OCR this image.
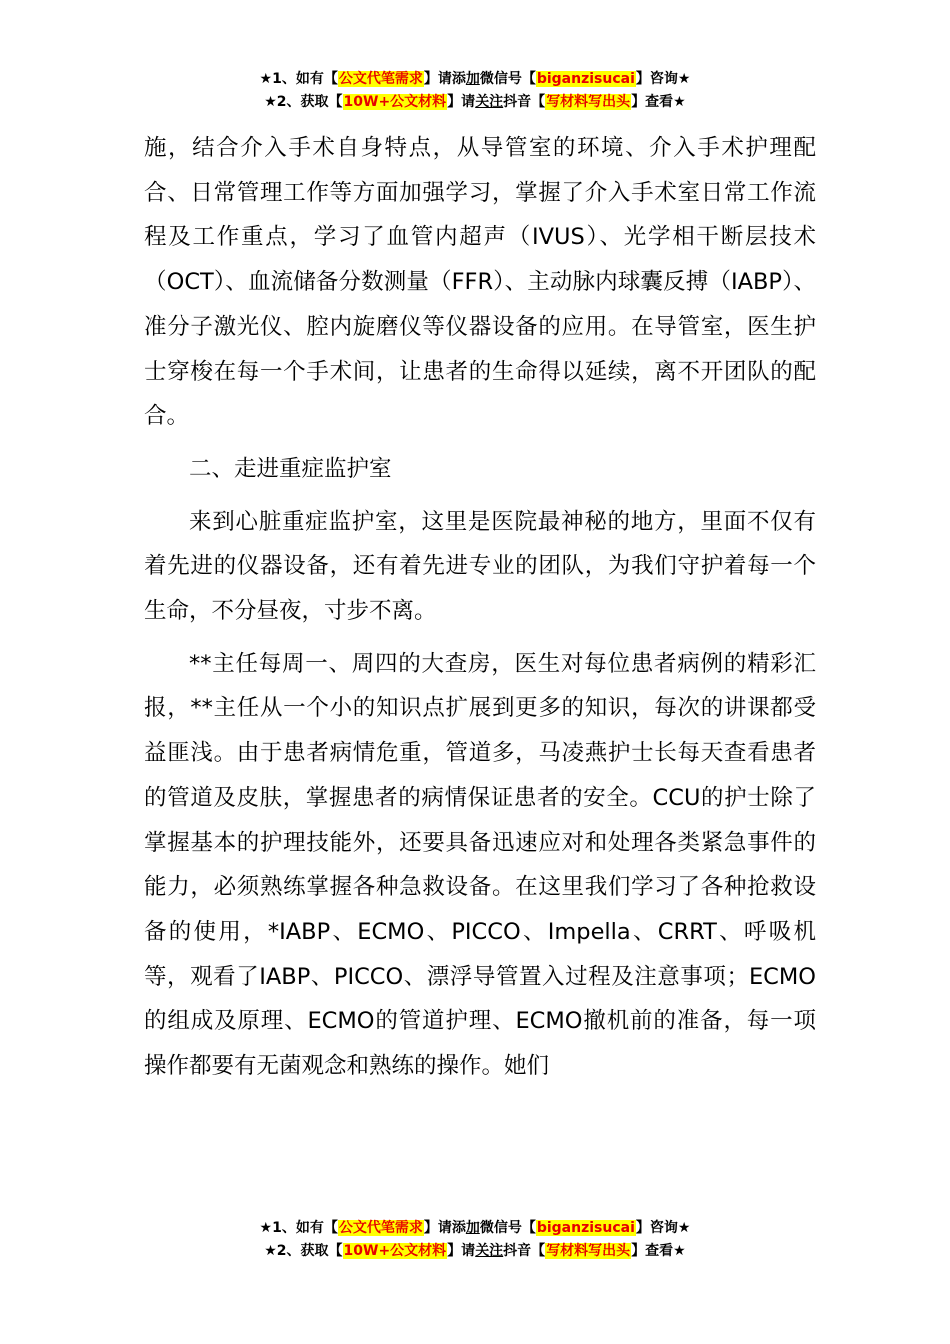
★1、如有【公文代笔需求】请添加微信号【biganzisucai】咨询★
★2、获取【10W+公文材料】请关注抖音【写材料写出头】查看★

施，结合介入手术自身特点，从导管室的环境、介入手术护理配合、日常管理工作等方面加强学习，掌握了介入手术室日常工作流程及工作重点，学习了血管内超声（IVUS）、光学相干断层技术（OCT）、血流储备分数测量（FFR）、主动脉内球囊反搏（IABP）、准分子激光仪、腔内旋磨仪等仪器设备的应用。在导管室，医生护士穿梭在每一个手术间，让患者的生命得以延续，离不开团队的配合。

二、走进重症监护室

来到心脏重症监护室，这里是医院最神秘的地方，里面不仅有着先进的仪器设备，还有着先进专业的团队，为我们守护着每一个生命，不分昼夜，寸步不离。

**主任每周一、周四的大查房，医生对每位患者病例的精彩汇报，**主任从一个小的知识点扩展到更多的知识，每次的讲课都受益匪浅。由于患者病情危重，管道多，马凌燕护士长每天查看患者的管道及皮肤，掌握患者的病情保证患者的安全。CCU的护士除了掌握基本的护理技能外，还要具备迅速应对和处理各类紧急事件的能力，必须熟练掌握各种急救设备。在这里我们学习了各种抢救设备的使用，*IABP、ECMO、PICCO、Impella、CRRT、呼吸机等，观看了IABP、PICCO、漂浮导管置入过程及注意事项；ECMO的组成及原理、ECMO的管道护理、ECMO撤机前的准备，每一项操作都要有无菌观念和熟练的操作。她们

★1、如有【公文代笔需求】请添加微信号【biganzisucai】咨询★
★2、获取【10W+公文材料】请关注抖音【写材料写出头】查看★
